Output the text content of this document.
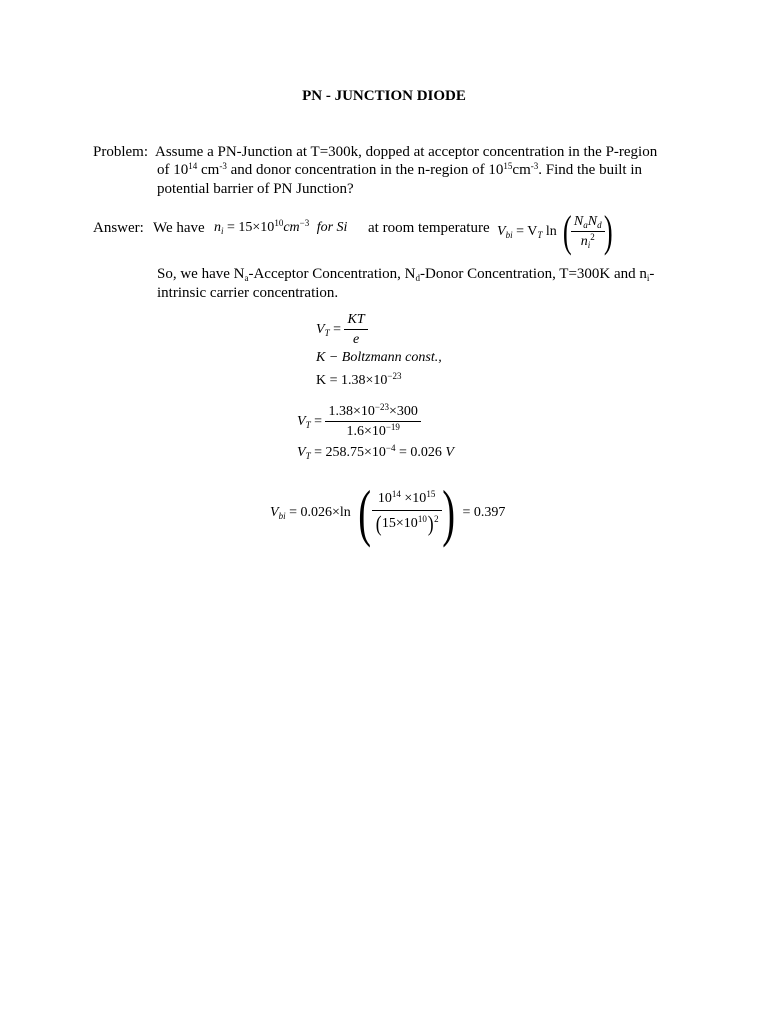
PN - JUNCTION DIODE
Problem: Assume a PN-Junction at T=300k, dopped at acceptor concentration in the P-region
of $10^{14}$ $cm^{-3}$ and donor concentration in the n-region of $10^{15}cm^{-3}$. Find the built in
potential barrier of PN Junction?
Answer: We have $n_i = 15\times 10^{10}cm^{-3}$ for Si at room temperature $V_{bi} = V_T$ ln (
$\frac{N_aN_d}{n_i^2}$
)
So, we have $N_a$-Acceptor Concentration, $N_d$-Donor Concentration, T=300K and $n_i-$
intrinsic carrier concentration.
$V_T = \frac{KT}{e}$
K − Boltzmann const.,
$K = 1.38\times 10^{-23}$
$V_T = \frac{1.38\times 10^{-23}\times 300}{1.6\times 10^{-19}}$
$V_T = 258.75\times 10^{-4} = 0.026$ V
$V_{bi} = 0.026\times\ln$ ( $\frac{10^{14} \times 10^{15}}{(15\times 10^{10})^2}$ ) = 0.397
